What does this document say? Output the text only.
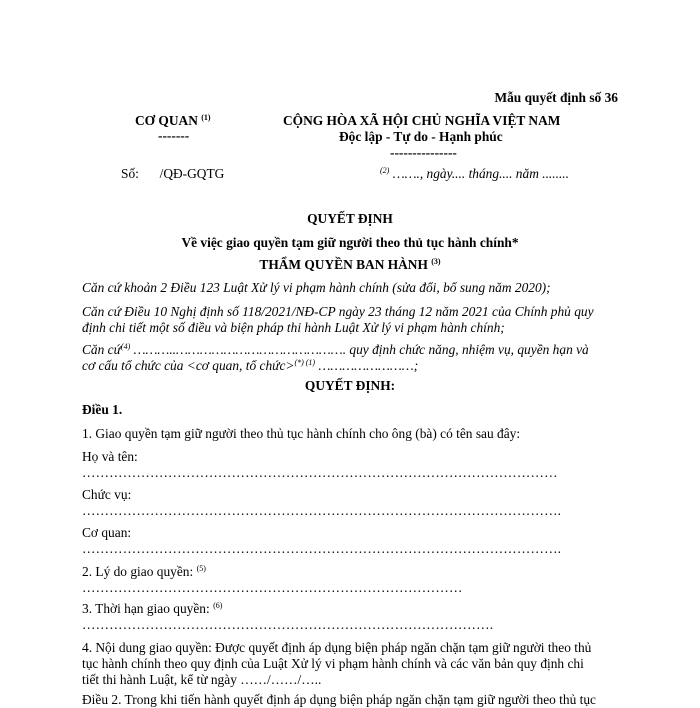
Mẫu quyết định số 36
CƠ QUAN $^{(1)}$
-------
CỘNG HÒA XÃ HỘI CHỦ NGHĨA VIỆT NAM
Độc lập - Tự do - Hạnh phúc
---------------
Số: /QĐ-GQTG	$^{(2)}$ ……., ngày.... tháng.... năm ........
QUYẾT ĐỊNH
Về việc giao quyền tạm giữ người theo thủ tục hành chính*
THẨM QUYỀN BAN HÀNH $^{(3)}$
Căn cứ khoản 2 Điều 123 Luật Xử lý vi phạm hành chính (sửa đổi, bổ sung năm 2020);
Căn cứ Điều 10 Nghị định số 118/2021/NĐ-CP ngày 23 tháng 12 năm 2021 của Chính phủ quy
định chi tiết một số điều và biện pháp thi hành Luật Xử lý vi phạm hành chính;
Căn cứ$^{(4)}$ ………..……………………………………. quy định chức năng, nhiệm vụ, quyền hạn và
cơ cấu tổ chức của <cơ quan, tổ chức>$^{(*) (1)}$ ……………………;
QUYẾT ĐỊNH:
Điều 1.
1. Giao quyền tạm giữ người theo thủ tục hành chính cho ông (bà) có tên sau đây:
Họ và tên:
……………………………………………………………………………………………
Chức vụ:
…………………………………………………………………………………………….
Cơ quan:
…………………………………………………………………………………………….
2. Lý do giao quyền: $^{(5)}$
…………………………………………………………………………
3. Thời hạn giao quyền: $^{(6)}$
……………………………………………………………………………….
4. Nội dung giao quyền: Được quyết định áp dụng biện pháp ngăn chặn tạm giữ người theo thủ
tục hành chính theo quy định của Luật Xử lý vi phạm hành chính và các văn bản quy định chi
tiết thi hành Luật, kể từ ngày ……/……/…..
Điều 2. Trong khi tiến hành quyết định áp dụng biện pháp ngăn chặn tạm giữ người theo thủ tục
